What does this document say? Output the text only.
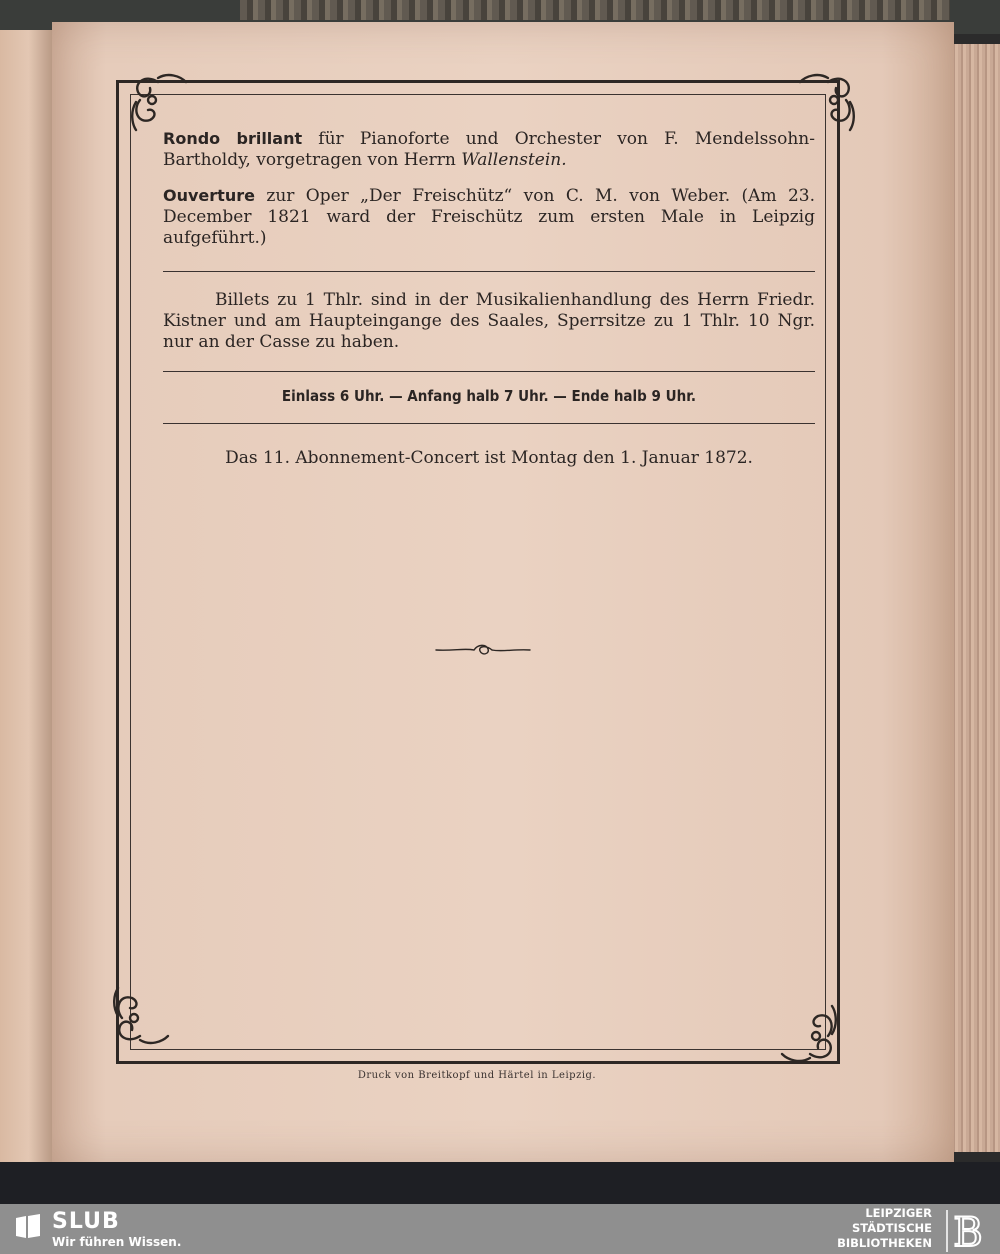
Rondo brillant für Pianoforte und Orchester von F. Mendelssohn-Bartholdy, vorgetragen von Herrn Wallenstein.

Ouverture zur Oper „Der Freischütz“ von C. M. von Weber. (Am 23. December 1821 ward der Freischütz zum ersten Male in Leipzig aufgeführt.)

Billets zu 1 Thlr. sind in der Musikalienhandlung des Herrn Friedr. Kistner und am Haupteingange des Saales, Sperrsitze zu 1 Thlr. 10 Ngr. nur an der Casse zu haben.

Einlass 6 Uhr. — Anfang halb 7 Uhr. — Ende halb 9 Uhr.
Das 11. Abonnement-Concert ist Montag den 1. Januar 1872.
Druck von Breitkopf und Härtel in Leipzig.
SLUB
Wir führen Wissen.
LEIPZIGER
STÄDTISCHE
BIBLIOTHEKEN B
